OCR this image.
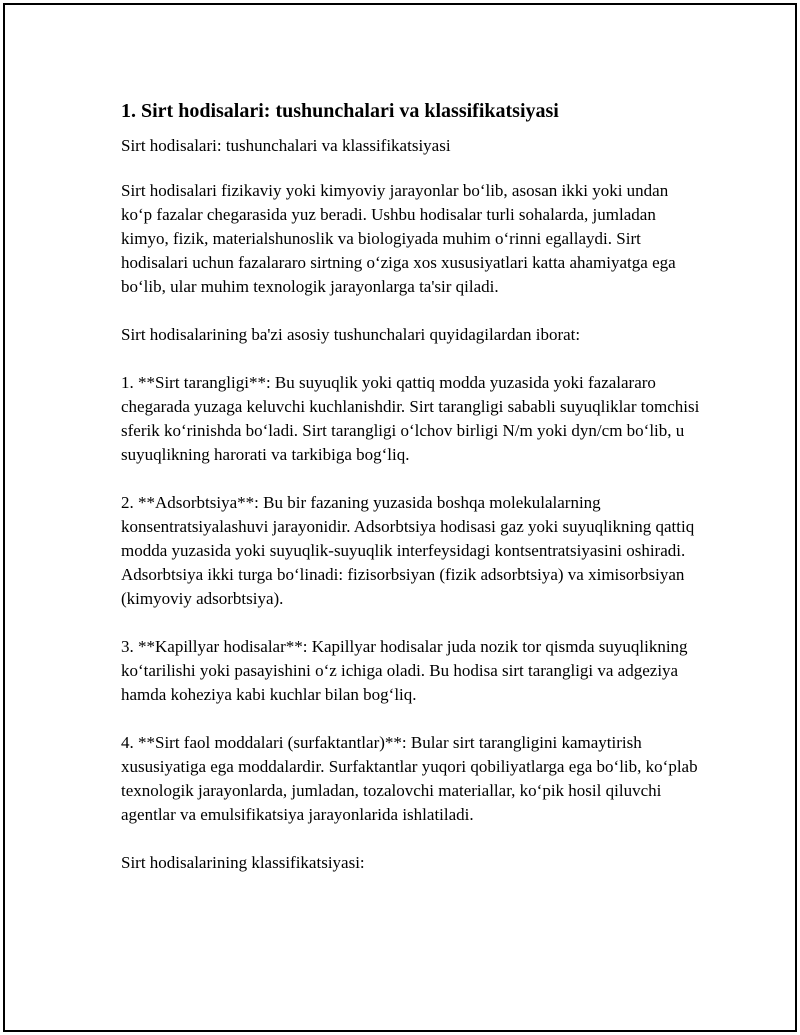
1. Sirt hodisalari: tushunchalari va klassifikatsiyasi
Sirt hodisalari: tushunchalari va klassifikatsiyasi
Sirt hodisalari fizikaviy yoki kimyoviy jarayonlar bo‘lib, asosan ikki yoki undan ko‘p fazalar chegarasida yuz beradi. Ushbu hodisalar turli sohalarda, jumladan kimyo, fizik, materialshunoslik va biologiyada muhim o‘rinni egallaydi. Sirt hodisalari uchun fazalararo sirtning o‘ziga xos xususiyatlari katta ahamiyatga ega bo‘lib, ular muhim texnologik jarayonlarga ta'sir qiladi.
Sirt hodisalarining ba'zi asosiy tushunchalari quyidagilardan iborat:
1. **Sirt tarangligi**: Bu suyuqlik yoki qattiq modda yuzasida yoki fazalararo chegarada yuzaga keluvchi kuchlanishdir. Sirt tarangligi sababli suyuqliklar tomchisi sferik ko‘rinishda bo‘ladi. Sirt tarangligi o‘lchov birligi N/m yoki dyn/cm bo‘lib, u suyuqlikning harorati va tarkibiga bog‘liq.
2. **Adsorbtsiya**: Bu bir fazaning yuzasida boshqa molekulalarning konsentratsiyalashuvi jarayonidir. Adsorbtsiya hodisasi gaz yoki suyuqlikning qattiq modda yuzasida yoki suyuqlik-suyuqlik interfeysidagi kontsentratsiyasini oshiradi. Adsorbtsiya ikki turga bo‘linadi: fizisorbsiyan (fizik adsorbtsiya) va ximisorbsiyan (kimyoviy adsorbtsiya).
3. **Kapillyar hodisalar**: Kapillyar hodisalar juda nozik tor qismda suyuqlikning ko‘tarilishi yoki pasayishini o‘z ichiga oladi. Bu hodisa sirt tarangligi va adgeziya hamda koheziya kabi kuchlar bilan bog‘liq.
4. **Sirt faol moddalari (surfaktantlar)**: Bular sirt tarangligini kamaytirish xususiyatiga ega moddalardir. Surfaktantlar yuqori qobiliyatlarga ega bo‘lib, ko‘plab texnologik jarayonlarda, jumladan, tozalovchi materiallar, ko‘pik hosil qiluvchi agentlar va emulsifikatsiya jarayonlarida ishlatiladi.
Sirt hodisalarining klassifikatsiyasi:
